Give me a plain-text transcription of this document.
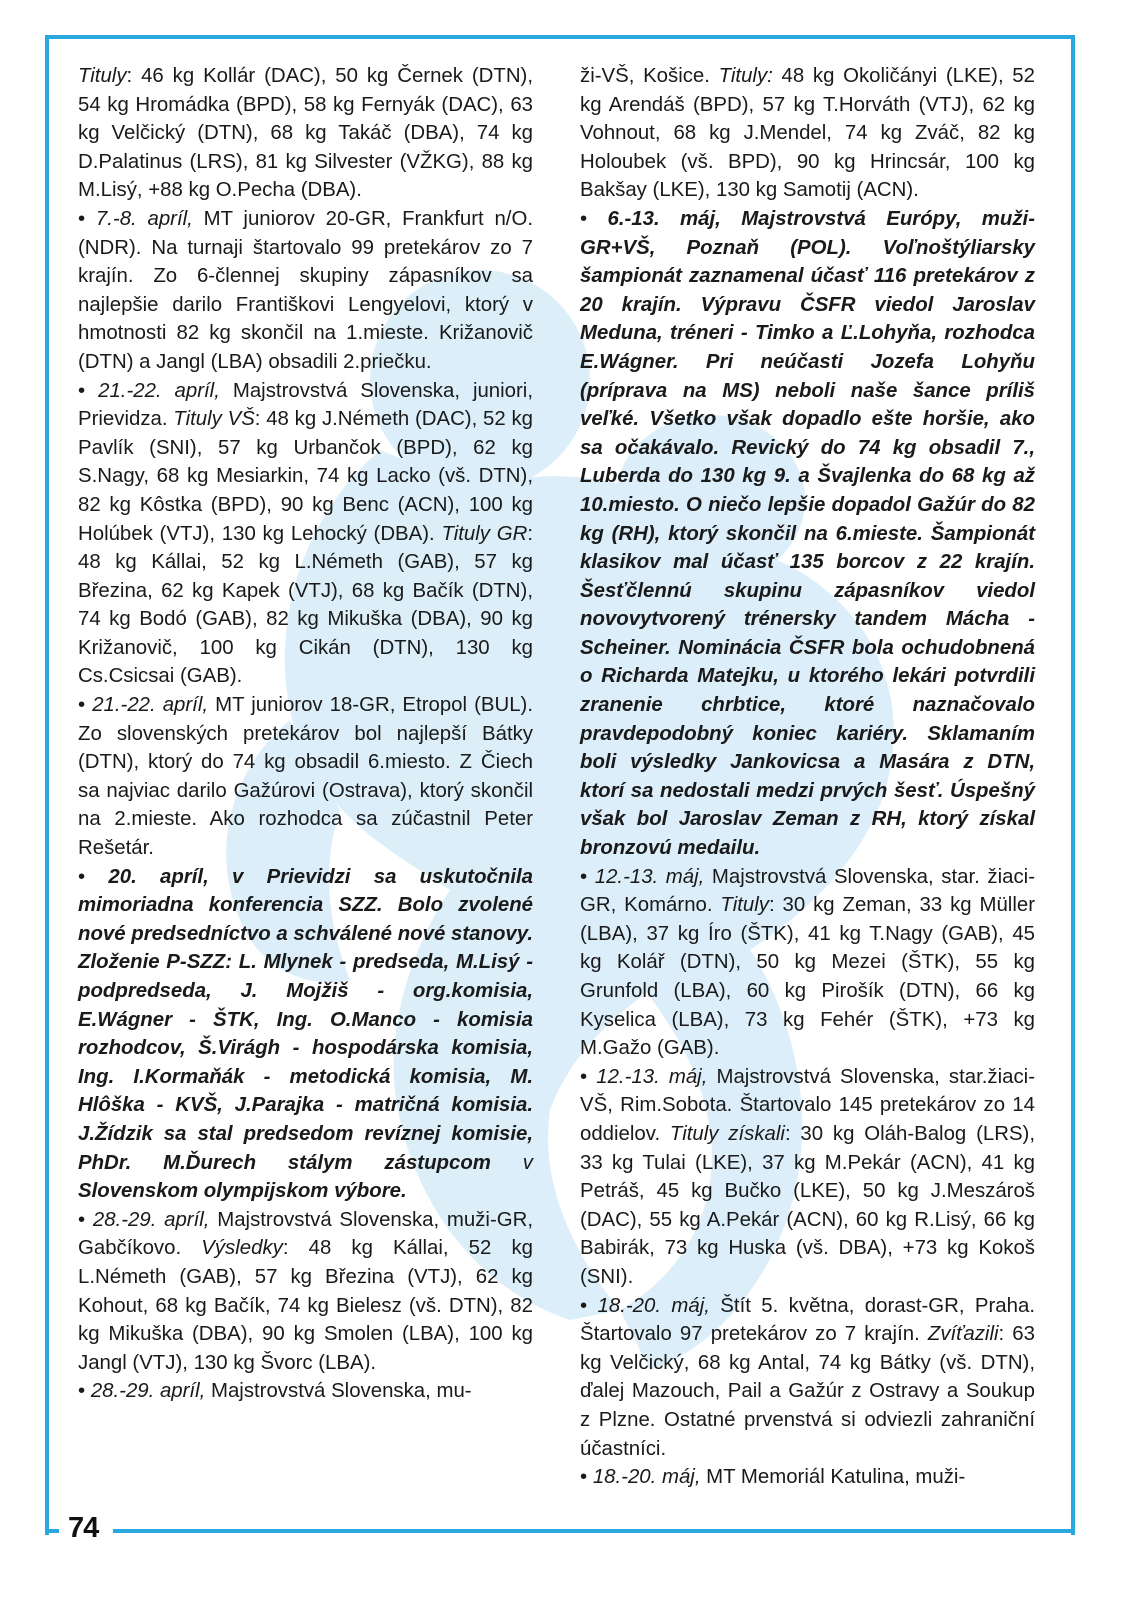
Tituly: 46 kg Kollár (DAC), 50 kg Černek (DTN), 54 kg Hromádka (BPD), 58 kg Fernyák (DAC), 63 kg Velčický (DTN), 68 kg Takáč (DBA), 74 kg D.Palatinus (LRS), 81 kg Silvester (VŽKG), 88 kg M.Lisý, +88 kg O.Pecha (DBA).

• 7.-8. apríl, MT juniorov 20-GR, Frankfurt n/O. (NDR). Na turnaji štartovalo 99 pretekárov zo 7 krajín. Zo 6-člennej skupiny zápasníkov sa najlepšie darilo Františkovi Lengyelovi, ktorý v hmotnosti 82 kg skončil na 1.mieste. Križanovič (DTN) a Jangl (LBA) obsadili 2.priečku.

• 21.-22. apríl, Majstrovstvá Slovenska, juniori, Prievidza. Tituly VŠ: 48 kg J.Németh (DAC), 52 kg Pavlík (SNI), 57 kg Urbančok (BPD), 62 kg S.Nagy, 68 kg Mesiarkin, 74 kg Lacko (vš. DTN), 82 kg Kôstka (BPD), 90 kg Benc (ACN), 100 kg Holúbek (VTJ), 130 kg Lehocký (DBA). Tituly GR: 48 kg Kállai, 52 kg L.Németh (GAB), 57 kg Březina, 62 kg Kapek (VTJ), 68 kg Bačík (DTN), 74 kg Bodó (GAB), 82 kg Mikuška (DBA), 90 kg Križanovič, 100 kg Cikán (DTN), 130 kg Cs.Csicsai (GAB).

• 21.-22. apríl, MT juniorov 18-GR, Etropol (BUL). Zo slovenských pretekárov bol najlepší Bátky (DTN), ktorý do 74 kg obsadil 6.miesto. Z Čiech sa najviac darilo Gažúrovi (Ostrava), ktorý skončil na 2.mieste. Ako rozhodca sa zúčastnil Peter Rešetár.

• 20. apríl, v Prievidzi sa uskutočnila mimoriadna konferencia SZZ. Bolo zvolené nové predsedníctvo a schválené nové stanovy. Zloženie P-SZZ: L. Mlynek - predseda, M.Lisý - podpredseda, J. Mojžiš - org.komisia, E.Wágner - ŠTK, Ing. O.Manco - komisia rozhodcov, Š.Virágh - hospodárska komisia, Ing. I.Kormaňák - metodická komisia, M. Hlôška - KVŠ, J.Parajka - matričná komisia. J.Žídzik sa stal predsedom revíznej komisie, PhDr. M.Ďurech stálym zástupcom v Slovenskom olympijskom výbore.

• 28.-29. apríl, Majstrovstvá Slovenska, muži-GR, Gabčíkovo. Výsledky: 48 kg Kállai, 52 kg L.Németh (GAB), 57 kg Březina (VTJ), 62 kg Kohout, 68 kg Bačík, 74 kg Bielesz (vš. DTN), 82 kg Mikuška (DBA), 90 kg Smolen (LBA), 100 kg Jangl (VTJ), 130 kg Švorc (LBA).

• 28.-29. apríl, Majstrovstvá Slovenska, mu-

ži-VŠ, Košice. Tituly: 48 kg Okoličányi (LKE), 52 kg Arendáš (BPD), 57 kg T.Horváth (VTJ), 62 kg Vohnout, 68 kg J.Mendel, 74 kg Zváč, 82 kg Holoubek (vš. BPD), 90 kg Hrincsár, 100 kg Bakšay (LKE), 130 kg Samotij (ACN).

• 6.-13. máj, Majstrovstvá Európy, muži-GR+VŠ, Poznaň (POL). Voľnoštýliarsky šampionát zaznamenal účasť 116 pretekárov z 20 krajín. Výpravu ČSFR viedol Jaroslav Meduna, tréneri - Timko a Ľ.Lohyňa, rozhodca E.Wágner. Pri neúčasti Jozefa Lohyňu (príprava na MS) neboli naše šance príliš veľké. Všetko však dopadlo ešte horšie, ako sa očakávalo. Revický do 74 kg obsadil 7., Luberda do 130 kg 9. a Švajlenka do 68 kg až 10.miesto. O niečo lepšie dopadol Gažúr do 82 kg (RH), ktorý skončil na 6.mieste. Šampionát klasikov mal účasť 135 borcov z 22 krajín. Šesťčlennú skupinu zápasníkov viedol novovytvorený trénersky tandem Mácha - Scheiner. Nominácia ČSFR bola ochudobnená o Richarda Matejku, u ktorého lekári potvrdili zranenie chrbtice, ktoré naznačovalo pravdepodobný koniec kariéry. Sklamaním boli výsledky Jankovicsa a Masára z DTN, ktorí sa nedostali medzi prvých šesť. Úspešný však bol Jaroslav Zeman z RH, ktorý získal bronzovú medailu.

• 12.-13. máj, Majstrovstvá Slovenska, star. žiaci-GR, Komárno. Tituly: 30 kg Zeman, 33 kg Müller (LBA), 37 kg Íro (ŠTK), 41 kg T.Nagy (GAB), 45 kg Kolář (DTN), 50 kg Mezei (ŠTK), 55 kg Grunfold (LBA), 60 kg Pirošík (DTN), 66 kg Kyselica (LBA), 73 kg Fehér (ŠTK), +73 kg M.Gažo (GAB).

• 12.-13. máj, Majstrovstvá Slovenska, star.žiaci-VŠ, Rim.Sobota. Štartovalo 145 pretekárov zo 14 oddielov. Tituly získali: 30 kg Oláh-Balog (LRS), 33 kg Tulai (LKE), 37 kg M.Pekár (ACN), 41 kg Petráš, 45 kg Bučko (LKE), 50 kg J.Meszároš (DAC), 55 kg A.Pekár (ACN), 60 kg R.Lisý, 66 kg Babirák, 73 kg Huska (vš. DBA), +73 kg Kokoš (SNI).

• 18.-20. máj, Štít 5. května, dorast-GR, Praha. Štartovalo 97 pretekárov zo 7 krajín. Zvíťazili: 63 kg Velčický, 68 kg Antal, 74 kg Bátky (vš. DTN), ďalej Mazouch, Pail a Gažúr z Ostravy a Soukup z Plzne. Ostatné prvenstvá si odviezli zahraniční účastníci.

• 18.-20. máj, MT Memoriál Katulina, muži-

74
